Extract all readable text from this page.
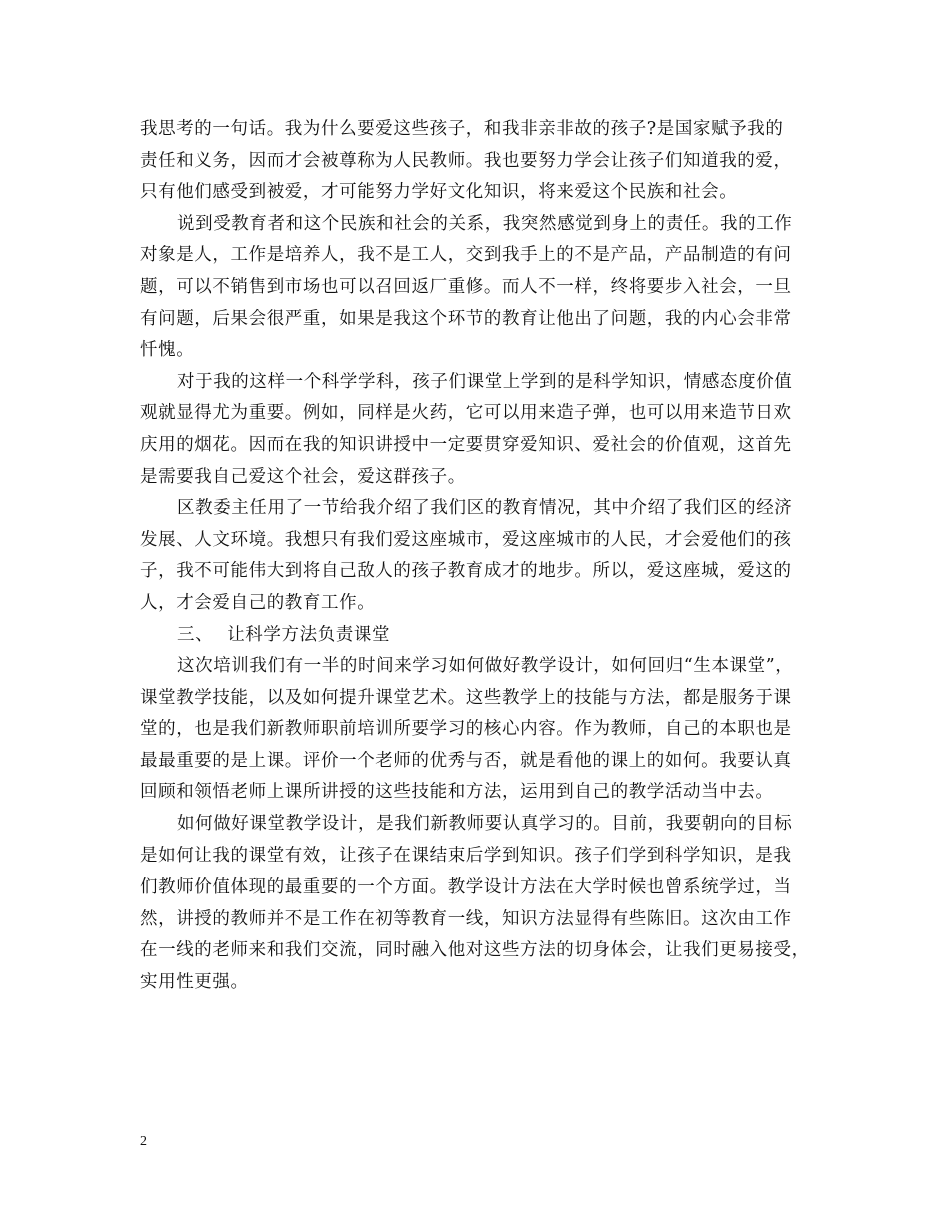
我思考的一句话。我为什么要爱这些孩子，和我非亲非故的孩子?是国家赋予我的
责任和义务，因而才会被尊称为人民教师。我也要努力学会让孩子们知道我的爱，
只有他们感受到被爱，才可能努力学好文化知识，将来爱这个民族和社会。
说到受教育者和这个民族和社会的关系，我突然感觉到身上的责任。我的工作
对象是人，工作是培养人，我不是工人，交到我手上的不是产品，产品制造的有问
题，可以不销售到市场也可以召回返厂重修。而人不一样，终将要步入社会，一旦
有问题，后果会很严重，如果是我这个环节的教育让他出了问题，我的内心会非常
忏愧。
对于我的这样一个科学学科，孩子们课堂上学到的是科学知识，情感态度价值
观就显得尤为重要。例如，同样是火药，它可以用来造子弹，也可以用来造节日欢
庆用的烟花。因而在我的知识讲授中一定要贯穿爱知识、爱社会的价值观，这首先
是需要我自己爱这个社会，爱这群孩子。
区教委主任用了一节给我介绍了我们区的教育情况，其中介绍了我们区的经济
发展、人文环境。我想只有我们爱这座城市，爱这座城市的人民，才会爱他们的孩
子，我不可能伟大到将自己敌人的孩子教育成才的地步。所以，爱这座城，爱这的
人，才会爱自己的教育工作。
三、 让科学方法负责课堂
这次培训我们有一半的时间来学习如何做好教学设计，如何回归“生本课堂”，
课堂教学技能，以及如何提升课堂艺术。这些教学上的技能与方法，都是服务于课
堂的，也是我们新教师职前培训所要学习的核心内容。作为教师，自己的本职也是
最最重要的是上课。评价一个老师的优秀与否，就是看他的课上的如何。我要认真
回顾和领悟老师上课所讲授的这些技能和方法，运用到自己的教学活动当中去。
如何做好课堂教学设计，是我们新教师要认真学习的。目前，我要朝向的目标
是如何让我的课堂有效，让孩子在课结束后学到知识。孩子们学到科学知识，是我
们教师价值体现的最重要的一个方面。教学设计方法在大学时候也曾系统学过，当
然，讲授的教师并不是工作在初等教育一线，知识方法显得有些陈旧。这次由工作
在一线的老师来和我们交流，同时融入他对这些方法的切身体会，让我们更易接受，
实用性更强。
2
